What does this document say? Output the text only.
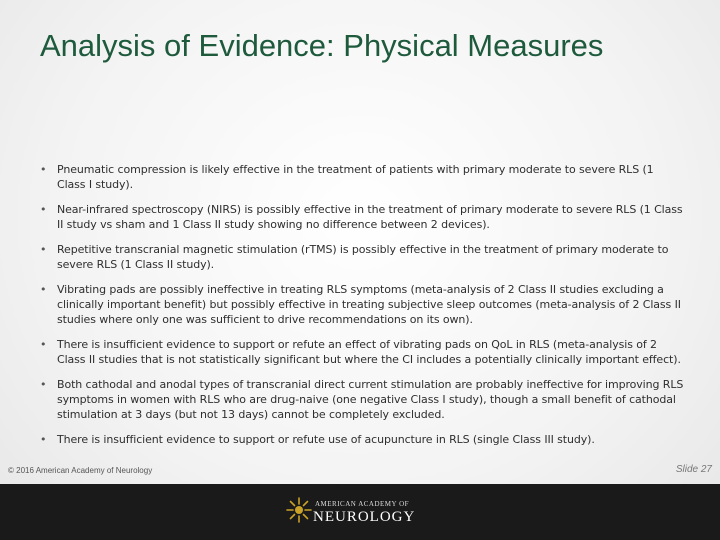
Analysis of Evidence: Physical Measures
• Pneumatic compression is likely effective in the treatment of patients with primary moderate to severe RLS (1 Class I study).
• Near-infrared spectroscopy (NIRS) is possibly effective in the treatment of primary moderate to severe RLS (1 Class II study vs sham and 1 Class II study showing no difference between 2 devices).
• Repetitive transcranial magnetic stimulation (rTMS) is possibly effective in the treatment of primary moderate to severe RLS (1 Class II study).
• Vibrating pads are possibly ineffective in treating RLS symptoms (meta-analysis of 2 Class II studies excluding a clinically important benefit) but possibly effective in treating subjective sleep outcomes (meta-analysis of 2 Class II studies where only one was sufficient to drive recommendations on its own).
• There is insufficient evidence to support or refute an effect of vibrating pads on QoL in RLS (meta-analysis of 2 Class II studies that is not statistically significant but where the CI includes a potentially clinically important effect).
• Both cathodal and anodal types of transcranial direct current stimulation are probably ineffective for improving RLS symptoms in women with RLS who are drug-naive (one negative Class I study), though a small benefit of cathodal stimulation at 3 days (but not 13 days) cannot be completely excluded.
• There is insufficient evidence to support or refute use of acupuncture in RLS (single Class III study).
© 2016 American Academy of Neurology	Slide 27
AMERICAN ACADEMY OF
NEUROLOGY
